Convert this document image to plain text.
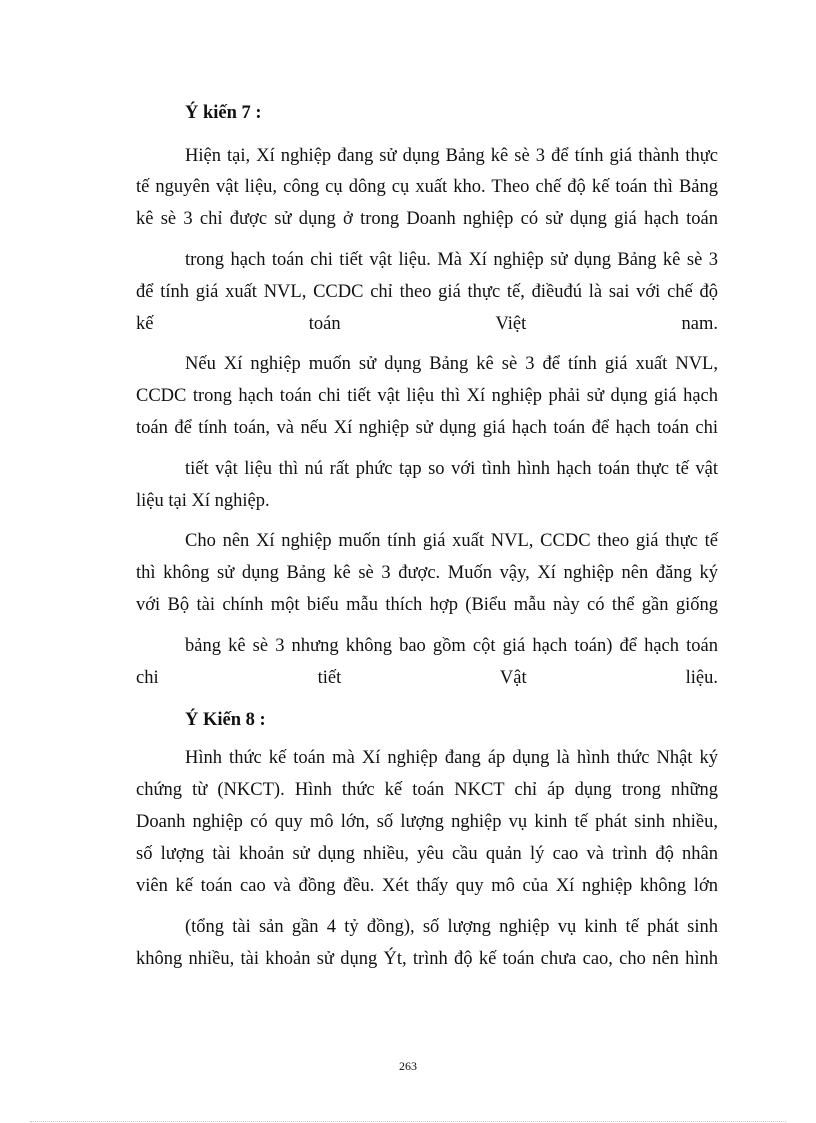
Ý kiến 7 :
Hiện tại, Xí nghiệp đang sử dụng Bảng kê sè 3 để tính giá thành thực
tế nguyên vật liệu, công cụ dông cụ xuất kho. Theo chế độ kế toán thì Bảng
kê sè 3 chỉ được sử dụng ở trong Doanh nghiệp có sử dụng giá hạch toán
trong hạch toán chi tiết vật liệu. Mà Xí nghiệp sử dụng Bảng kê sè 3
để tính giá xuất NVL, CCDC chỉ theo giá thực tế, điềuđú là sai với chế độ
kế toán Việt nam.
Nếu Xí nghiệp muốn sử dụng Bảng kê sè 3 để tính giá xuất NVL,
CCDC trong hạch toán chi tiết vật liệu thì Xí nghiệp phải sử dụng giá hạch
toán để tính toán, và nếu Xí nghiệp sử dụng giá hạch toán để hạch toán chi
tiết vật liệu thì nú rất phức tạp so với tình hình hạch toán thực tế vật
liệu tại Xí nghiệp.
Cho nên Xí nghiệp muốn tính giá xuất NVL, CCDC theo giá thực tế
thì không sử dụng Bảng kê sè 3 được. Muốn vậy, Xí nghiệp nên đăng ký
với Bộ tài chính một biểu mẫu thích hợp (Biểu mẫu này có thể gần giống
bảng kê sè 3 nhưng không bao gồm cột giá hạch toán) để hạch toán
chi tiết Vật liệu.
Ý Kiến 8 :
Hình thức kế toán mà Xí nghiệp đang áp dụng là hình thức Nhật ký
chứng từ (NKCT). Hình thức kế toán NKCT chỉ áp dụng trong những
Doanh nghiệp có quy mô lớn, số lượng nghiệp vụ kinh tế phát sinh nhiều,
số lượng tài khoản sử dụng nhiều, yêu cầu quản lý cao và trình độ nhân
viên kế toán cao và đồng đều. Xét thấy quy mô của Xí nghiệp không lớn
(tổng tài sản gần 4 tỷ đồng), số lượng nghiệp vụ kinh tế phát sinh
không nhiều, tài khoản sử dụng Ýt, trình độ kế toán chưa cao, cho nên hình
263
